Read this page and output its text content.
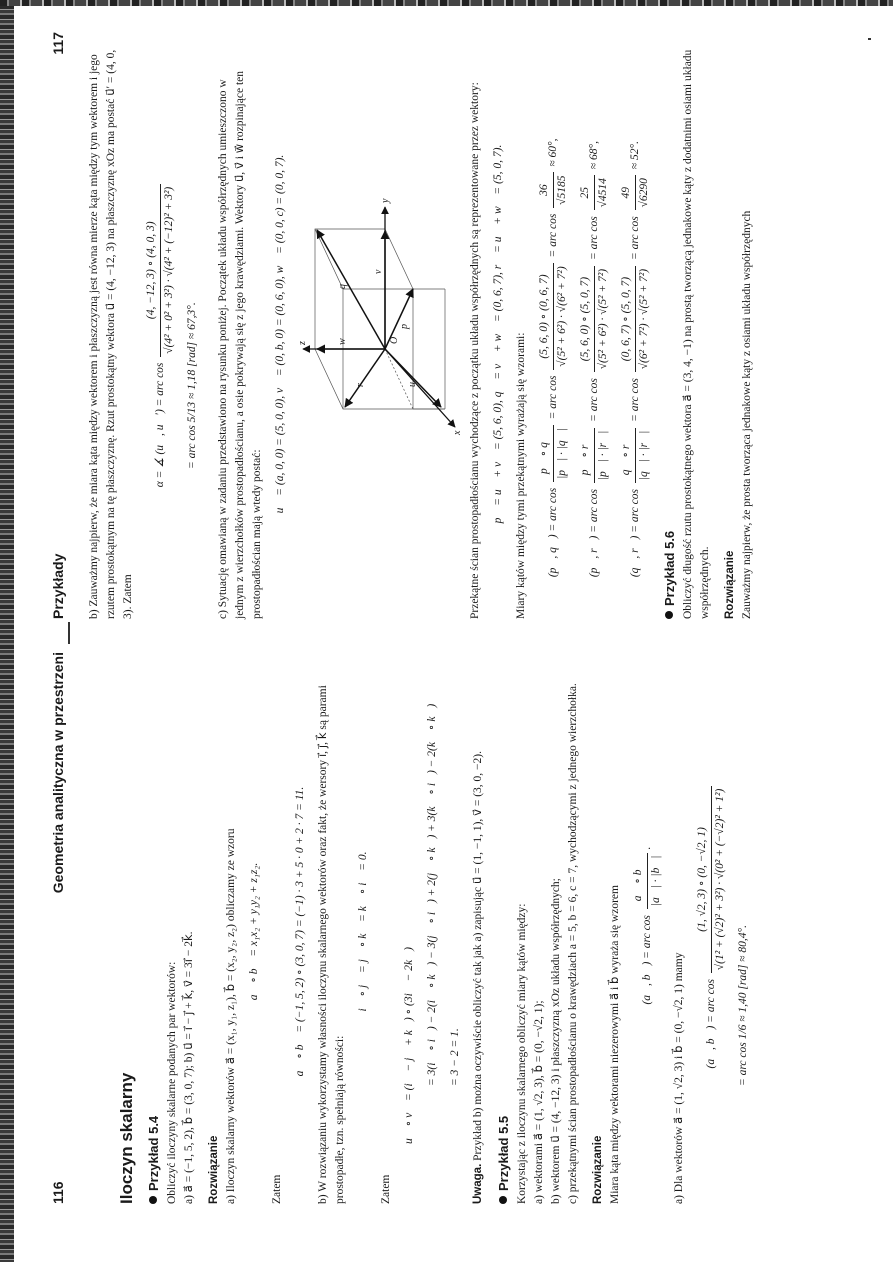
116
Geometria analityczna w przestrzeni
Iloczyn skalarny Przykład 5.4 Obliczyć iloczyny skalarne podanych par wektorów: a) a⃗ = (−1, 5, 2), b⃗ = (3, 0, 7); b) u⃗ = i⃗ − j⃗ + k⃗, v⃗ = 3i⃗ − 2k⃗. Rozwiązanie a) Iloczyn skalarny wektorów a⃗ = (x₁, y₁, z₁), b⃗ = (x₂, y₂, z₂) obliczamy ze wzoru a⃗ ∘ b⃗ = x₁x₂ + y₁y₂ + z₁z₂.

Zatem

a⃗ ∘ b⃗ = (−1, 5, 2) ∘ (3, 0, 7) = (−1) · 3 + 5 · 0 + 2 · 7 = 11. b) W rozwiązaniu wykorzystamy własności iloczynu skalarnego wektorów oraz fakt, że wersory i⃗, j⃗, k⃗ są parami prostopadłe, tzn. spełniają równości:

i⃗ ∘ j⃗ = j⃗ ∘ k⃗ = k⃗ ∘ i⃗ = 0.

Zatem

u⃗ ∘ v⃗ = (i⃗ − j⃗ + k⃗) ∘ (3i⃗ − 2k⃗) = 3(i⃗ ∘ i⃗) − 2(i⃗ ∘ k⃗) − 3(j⃗ ∘ i⃗) + 2(j⃗ ∘ k⃗) + 3(k⃗ ∘ i⃗) − 2(k⃗ ∘ k⃗) = 3 − 2 = 1.

Uwaga. Przykład b) można oczywiście obliczyć tak jak a) zapisując u⃗ = (1, −1, 1), v⃗ = (3, 0, −2). Przykład 5.5 Korzystając z iloczynu skalarnego obliczyć miary kątów między: a) wektorami a⃗ = (1, √2, 3), b⃗ = (0, −√2, 1); b) wektorem u⃗ = (4, −12, 3) i płaszczyzną xOz układu współrzędnych; c) przekątnymi ścian prostopadłościanu o krawędziach a = 5, b = 6, c = 7, wychodzącymi z jednego wierzchołka. Rozwiązanie Miara kąta między wektorami niezerowymi a⃗ i b⃗ wyraża się wzorem	∡ (a⃗, b⃗) = arc cos
a⃗ ∘ b⃗ |a⃗| · |b⃗|
.

a) Dla wektorów a⃗ = (1, √2, 3) i b⃗ = (0, −√2, 1) mamy	∡ (a⃗, b⃗) = arc cos
(1, √2, 3) ∘ (0, −√2, 1) √(1² + (√2)² + 3²) · √(0² + (−√2)² + 1²)
= arc cos 1/6 ≈ 1,40 [rad] ≈ 80,4°.
Przykłady
117

b) Zauważmy najpierw, że miara kąta między wektorem i płaszczyzną jest równa mierze kąta między tym wektorem i jego rzutem prostokątnym na tę płaszczyznę. Rzut prostokątny wektora u⃗ = (4, −12, 3) na płaszczyznę xOz ma postać u⃗′ = (4, 0, 3). Zatem

α = ∡ (u⃗, u⃗′) = arc cos
(4, −12, 3) ∘ (4, 0, 3) √(4² + 0² + 3²) · √(4² + (−12)² + 3²)
= arc cos 5/13 ≈ 1,18 [rad] ≈ 67,3°. c) Sytuację omawianą w zadaniu przedstawiono na rysunku poniżej. Początek układu współrzędnych umieszczono w jednym z wierzchołków prostopadłościanu, a osie pokrywają się z jego krawędziami. Wektory u⃗, v⃗ i w⃗ rozpinające ten prostopadłościan mają wtedy postać:

u⃗ = (a, 0, 0) = (5, 0, 0), v⃗ = (0, b, 0) = (0, 6, 0), w⃗ = (0, 0, c) = (0, 0, 7).	z
y
x
O
w
v
u
p
q
r	Przekątne ścian prostopadłościanu wychodzące z początku układu współrzędnych są reprezentowane przez wektory: p⃗ = u⃗ + v⃗ = (5, 6, 0), q⃗ = v⃗ + w⃗ = (0, 6, 7), r⃗ = u⃗ + w⃗ = (5, 0, 7). Miary kątów między tymi przekątnymi wyrażają się wzorami:	∡ (p⃗, q⃗) = arc cos
p⃗ ∘ q⃗ |p⃗| · |q⃗|
= arc cos
(5, 6, 0) ∘ (0, 6, 7) √(5² + 6²) · √(6² + 7²)
= arc cos
36 √5185
≈ 60°,
∡ (p⃗, r⃗) = arc cos
p⃗ ∘ r⃗ |p⃗| · |r⃗|
= arc cos
(5, 6, 0) ∘ (5, 0, 7) √(5² + 6²) · √(5² + 7²)
= arc cos
25 √4514
≈ 68°,
∡ (q⃗, r⃗) = arc cos
q⃗ ∘ r⃗ |q⃗| · |r⃗|
= arc cos
(0, 6, 7) ∘ (5, 0, 7) √(6² + 7²) · √(5² + 7²)
= arc cos
49 √6290
≈ 52°.
Przykład 5.6 Obliczyć długość rzutu prostokątnego wektora a⃗ = (3, 4, −1) na prostą tworzącą jednakowe kąty z dodatnimi osiami układu współrzędnych. Rozwiązanie Zauważmy najpierw, że prosta tworząca jednakowe kąty z osiami układu współrzędnych
